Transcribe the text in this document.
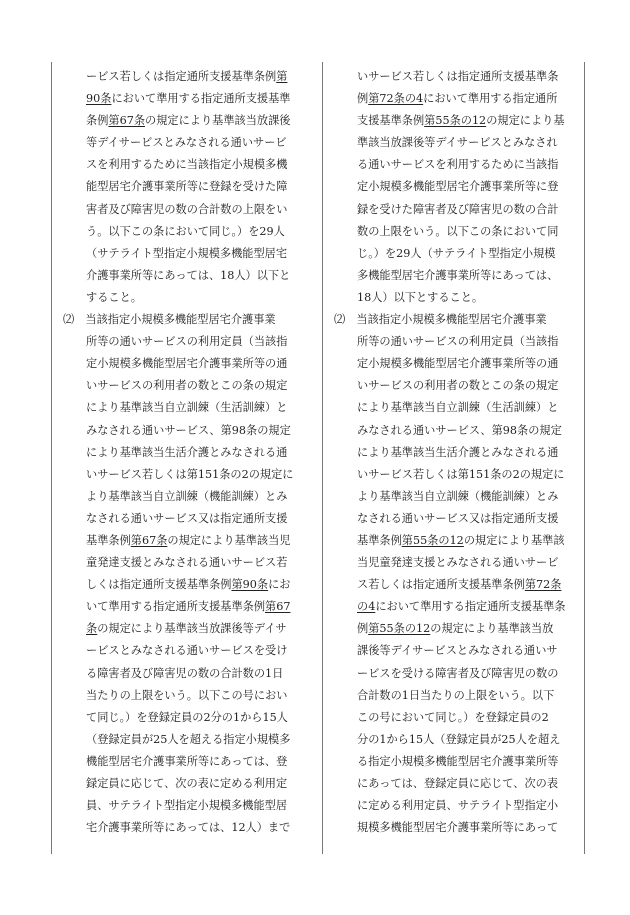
ービス若しくは指定通所支援基準条例第
90条において準用する指定通所支援基準
条例第67条の規定により基準該当放課後
等デイサービスとみなされる通いサービ
スを利用するために当該指定小規模多機
能型居宅介護事業所等に登録を受けた障
害者及び障害児の数の合計数の上限をい
う。以下この条において同じ。）を29人
（サテライト型指定小規模多機能型居宅
介護事業所等にあっては、18人）以下と
すること。
⑵　当該指定小規模多機能型居宅介護事業
所等の通いサービスの利用定員（当該指
定小規模多機能型居宅介護事業所等の通
いサービスの利用者の数とこの条の規定
により基準該当自立訓練（生活訓練）と
みなされる通いサービス、第98条の規定
により基準該当生活介護とみなされる通
いサービス若しくは第151条の2の規定に
より基準該当自立訓練（機能訓練）とみ
なされる通いサービス又は指定通所支援
基準条例第67条の規定により基準該当児
童発達支援とみなされる通いサービス若
しくは指定通所支援基準条例第90条にお
いて準用する指定通所支援基準条例第67
条の規定により基準該当放課後等デイサ
ービスとみなされる通いサービスを受け
る障害者及び障害児の数の合計数の1日
当たりの上限をいう。以下この号におい
て同じ。）を登録定員の2分の1から15人
（登録定員が25人を超える指定小規模多
機能型居宅介護事業所等にあっては、登
録定員に応じて、次の表に定める利用定
員、サテライト型指定小規模多機能型居
宅介護事業所等にあっては、12人）まで
いサービス若しくは指定通所支援基準条
例第72条の4において準用する指定通所
支援基準条例第55条の12の規定により基
準該当放課後等デイサービスとみなされ
る通いサービスを利用するために当該指
定小規模多機能型居宅介護事業所等に登
録を受けた障害者及び障害児の数の合計
数の上限をいう。以下この条において同
じ。）を29人（サテライト型指定小規模
多機能型居宅介護事業所等にあっては、
18人）以下とすること。
⑵　当該指定小規模多機能型居宅介護事業
所等の通いサービスの利用定員（当該指
定小規模多機能型居宅介護事業所等の通
いサービスの利用者の数とこの条の規定
により基準該当自立訓練（生活訓練）と
みなされる通いサービス、第98条の規定
により基準該当生活介護とみなされる通
いサービス若しくは第151条の2の規定に
より基準該当自立訓練（機能訓練）とみ
なされる通いサービス又は指定通所支援
基準条例第55条の12の規定により基準該
当児童発達支援とみなされる通いサービ
ス若しくは指定通所支援基準条例第72条
の4において準用する指定通所支援基準条
例第55条の12の規定により基準該当放
課後等デイサービスとみなされる通いサ
ービスを受ける障害者及び障害児の数の
合計数の1日当たりの上限をいう。以下
この号において同じ。）を登録定員の2
分の1から15人（登録定員が25人を超え
る指定小規模多機能型居宅介護事業所等
にあっては、登録定員に応じて、次の表
に定める利用定員、サテライト型指定小
規模多機能型居宅介護事業所等にあって
